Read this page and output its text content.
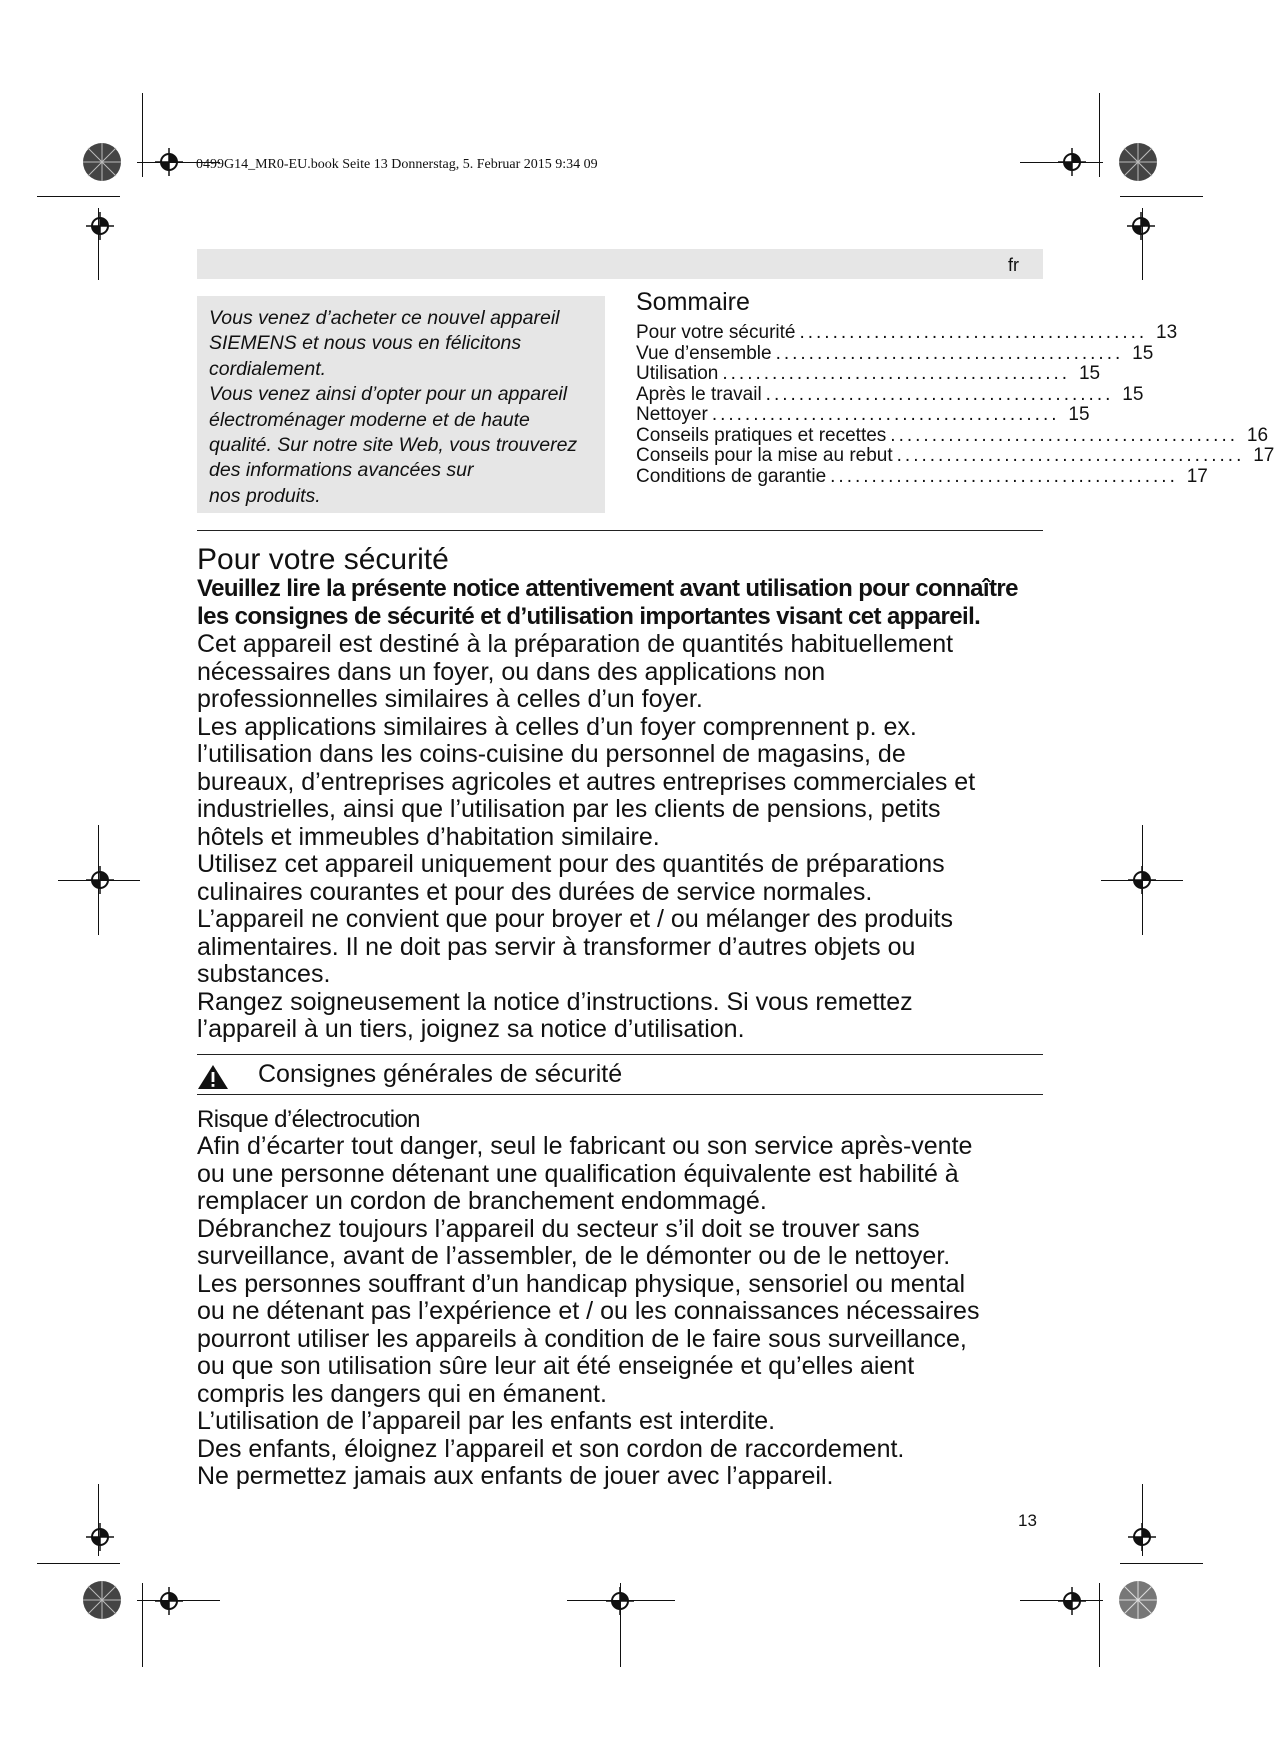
0499G14_MR0-EU.book Seite 13 Donnerstag, 5. Februar 2015 9:34 09
fr
Vous venez d’acheter ce nouvel appareil
SIEMENS et nous vous en félicitons
cordialement.
Vous venez ainsi d’opter pour un appareil
électroménager moderne et de haute
qualité. Sur notre site Web, vous trouverez
des informations avancées sur
nos produits.
Sommaire
Pour votre sécurité .......................................... 13
Vue d’ensemble .......................................... 15
Utilisation .......................................... 15
Après le travail .......................................... 15
Nettoyer .......................................... 15
Conseils pratiques et recettes .......................................... 16
Conseils pour la mise au rebut .......................................... 17
Conditions de garantie .......................................... 17
Pour votre sécurité
Veuillez lire la présente notice attentivement avant utilisation pour connaître
les consignes de sécurité et d’utilisation importantes visant cet appareil.
Cet appareil est destiné à la préparation de quantités habituellement
nécessaires dans un foyer, ou dans des applications non
professionnelles similaires à celles d’un foyer.
Les applications similaires à celles d’un foyer comprennent p. ex.
l’utilisation dans les coins-cuisine du personnel de magasins, de
bureaux, d’entreprises agricoles et autres entreprises commerciales et
industrielles, ainsi que l’utilisation par les clients de pensions, petits
hôtels et immeubles d’habitation similaire.
Utilisez cet appareil uniquement pour des quantités de préparations
culinaires courantes et pour des durées de service normales.
L’appareil ne convient que pour broyer et / ou mélanger des produits
alimentaires. Il ne doit pas servir à transformer d’autres objets ou
substances.
Rangez soigneusement la notice d’instructions. Si vous remettez
l’appareil à un tiers, joignez sa notice d’utilisation.
Consignes générales de sécurité
Risque d’électrocution
Afin d’écarter tout danger, seul le fabricant ou son service après-vente
ou une personne détenant une qualification équivalente est habilité à
remplacer un cordon de branchement endommagé.
Débranchez toujours l’appareil du secteur s’il doit se trouver sans
surveillance, avant de l’assembler, de le démonter ou de le nettoyer.
Les personnes souffrant d’un handicap physique, sensoriel ou mental
ou ne détenant pas l’expérience et / ou les connaissances nécessaires
pourront utiliser les appareils à condition de le faire sous surveillance,
ou que son utilisation sûre leur ait été enseignée et qu’elles aient
compris les dangers qui en émanent.
L’utilisation de l’appareil par les enfants est interdite.
Des enfants, éloignez l’appareil et son cordon de raccordement.
Ne permettez jamais aux enfants de jouer avec l’appareil.
13
